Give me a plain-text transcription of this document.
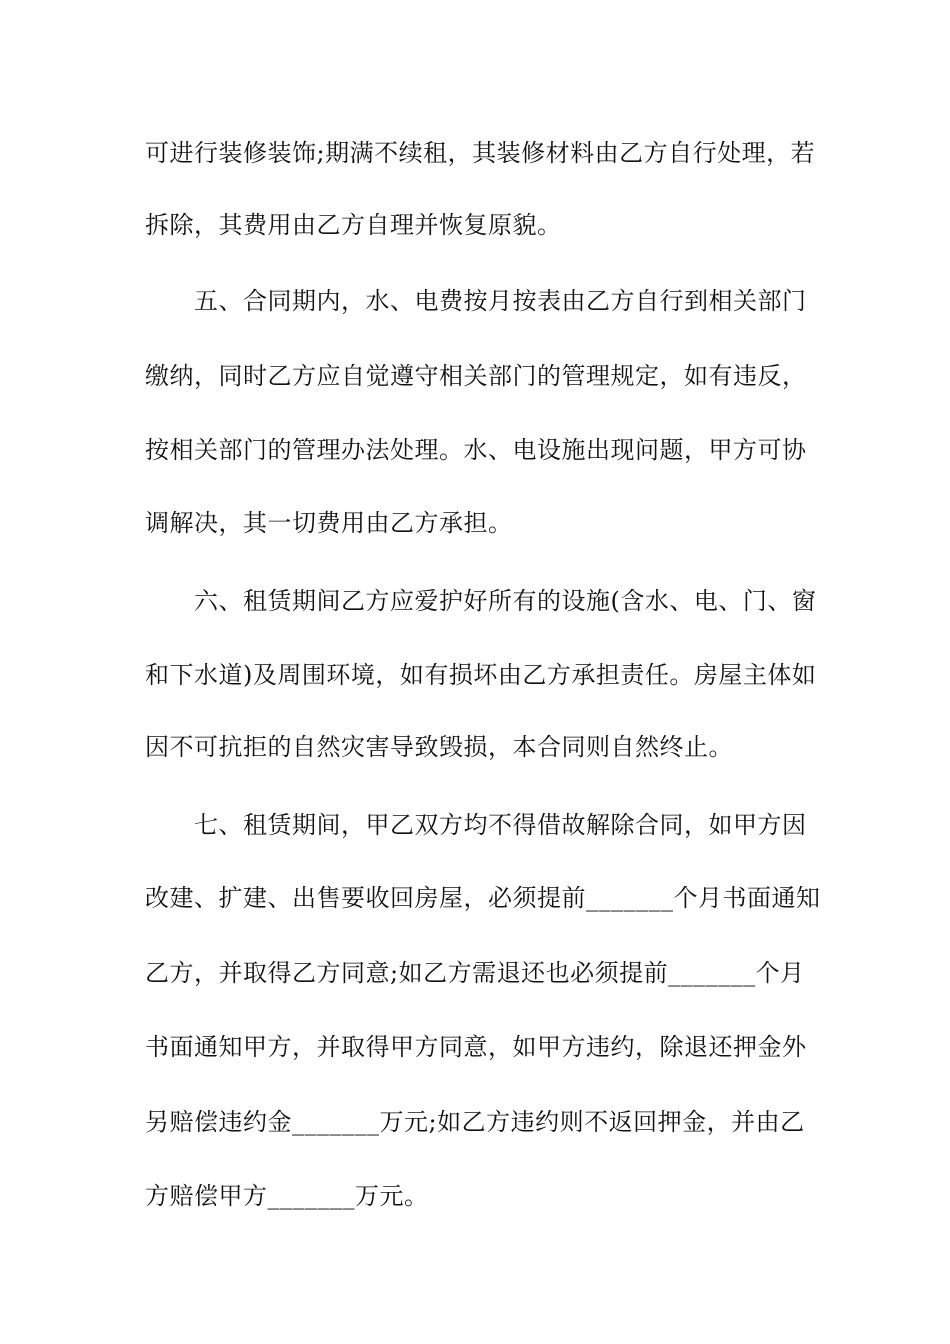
可进行装修装饰;期满不续租，其装修材料由乙方自行处理，若
拆除，其费用由乙方自理并恢复原貌。
五、合同期内，水、电费按月按表由乙方自行到相关部门
缴纳，同时乙方应自觉遵守相关部门的管理规定，如有违反，
按相关部门的管理办法处理。水、电设施出现问题，甲方可协
调解决，其一切费用由乙方承担。
六、租赁期间乙方应爱护好所有的设施(含水、电、门、窗
和下水道)及周围环境，如有损坏由乙方承担责任。房屋主体如
因不可抗拒的自然灾害导致毁损，本合同则自然终止。
七、租赁期间，甲乙双方均不得借故解除合同，如甲方因
改建、扩建、出售要收回房屋，必须提前_______个月书面通知
乙方，并取得乙方同意;如乙方需退还也必须提前_______个月
书面通知甲方，并取得甲方同意，如甲方违约，除退还押金外
另赔偿违约金_______万元;如乙方违约则不返回押金，并由乙
方赔偿甲方_______万元。
